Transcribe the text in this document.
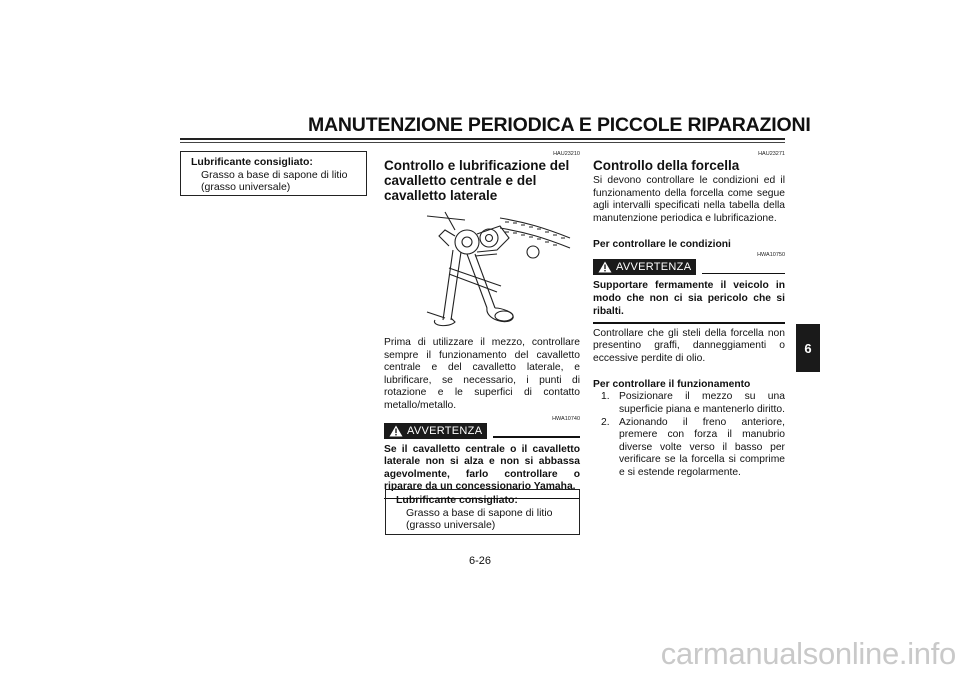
MANUTENZIONE PERIODICA E PICCOLE RIPARAZIONI
Lubrificante consigliato:
Grasso a base di sapone di litio
(grasso universale)
HAU23210
Controllo e lubrificazione del cavalletto centrale e del cavalletto laterale
Prima di utilizzare il mezzo, controllare sempre il funzionamento del cavalletto centrale e del cavalletto laterale, e lubrificare, se necessario, i punti di rotazione e le superfici di contatto metallo/metallo.
HWA10740
AVVERTENZA
Se il cavalletto centrale o il cavalletto laterale non si alza e non si abbassa agevolmente, farlo controllare o riparare da un concessionario Yamaha.
Lubrificante consigliato:
Grasso a base di sapone di litio
(grasso universale)
HAU23271
Controllo della forcella
Si devono controllare le condizioni ed il funzionamento della forcella come segue agli intervalli specificati nella tabella della manutenzione periodica e lubrificazione.
Per controllare le condizioni
HWA10750
AVVERTENZA
Supportare fermamente il veicolo in modo che non ci sia pericolo che si ribalti.
Controllare che gli steli della forcella non presentino graffi, danneggiamenti o eccessive perdite di olio.
Per controllare il funzionamento
1. Posizionare il mezzo su una superficie piana e mantenerlo diritto.
2. Azionando il freno anteriore, premere con forza il manubrio diverse volte verso il basso per verificare se la forcella si comprime e si estende regolarmente.
6
6-26
carmanualsonline.info
